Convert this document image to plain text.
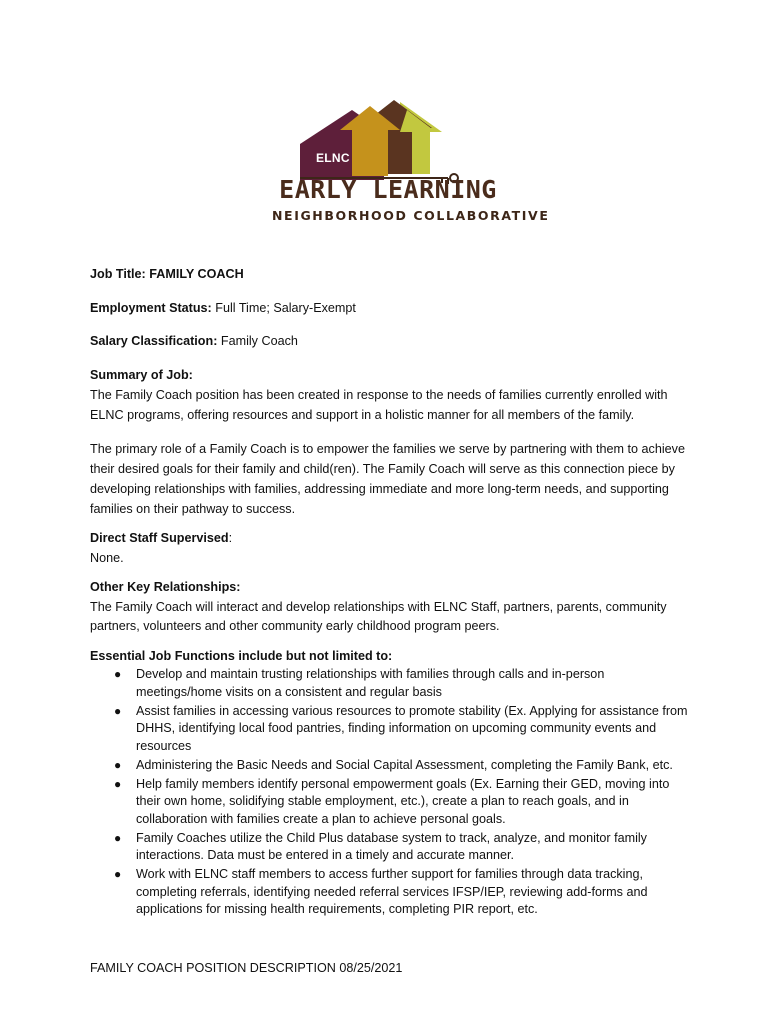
ELNC
EARLY LEARNING
NEIGHBORHOOD COLLABORATIVE

Job Title: FAMILY COACH

Employment Status: Full Time; Salary-Exempt

Salary Classification: Family Coach

Summary of Job:

The Family Coach position has been created in response to the needs of families currently enrolled with ELNC programs, offering resources and support in a holistic manner for all members of the family.

The primary role of a Family Coach is to empower the families we serve by partnering with them to achieve their desired goals for their family and child(ren). The Family Coach will serve as this connection piece by developing relationships with families, addressing immediate and more long-term needs, and supporting families on their pathway to success.

Direct Staff Supervised:

None.

Other Key Relationships:

The Family Coach will interact and develop relationships with ELNC Staff, partners, parents, community partners, volunteers and other community early childhood program peers.

Essential Job Functions include but not limited to:

● Develop and maintain trusting relationships with families through calls and in-person meetings/home visits on a consistent and regular basis
● Assist families in accessing various resources to promote stability (Ex. Applying for assistance from DHHS, identifying local food pantries, finding information on upcoming community events and resources
● Administering the Basic Needs and Social Capital Assessment, completing the Family Bank, etc.
● Help family members identify personal empowerment goals (Ex. Earning their GED, moving into their own home, solidifying stable employment, etc.), create a plan to reach goals, and in collaboration with families create a plan to achieve personal goals.
● Family Coaches utilize the Child Plus database system to track, analyze, and monitor family interactions. Data must be entered in a timely and accurate manner.
● Work with ELNC staff members to access further support for families through data tracking, completing referrals, identifying needed referral services IFSP/IEP, reviewing add-forms and applications for missing health requirements, completing PIR report, etc.
FAMILY COACH POSITION DESCRIPTION 08/25/2021
